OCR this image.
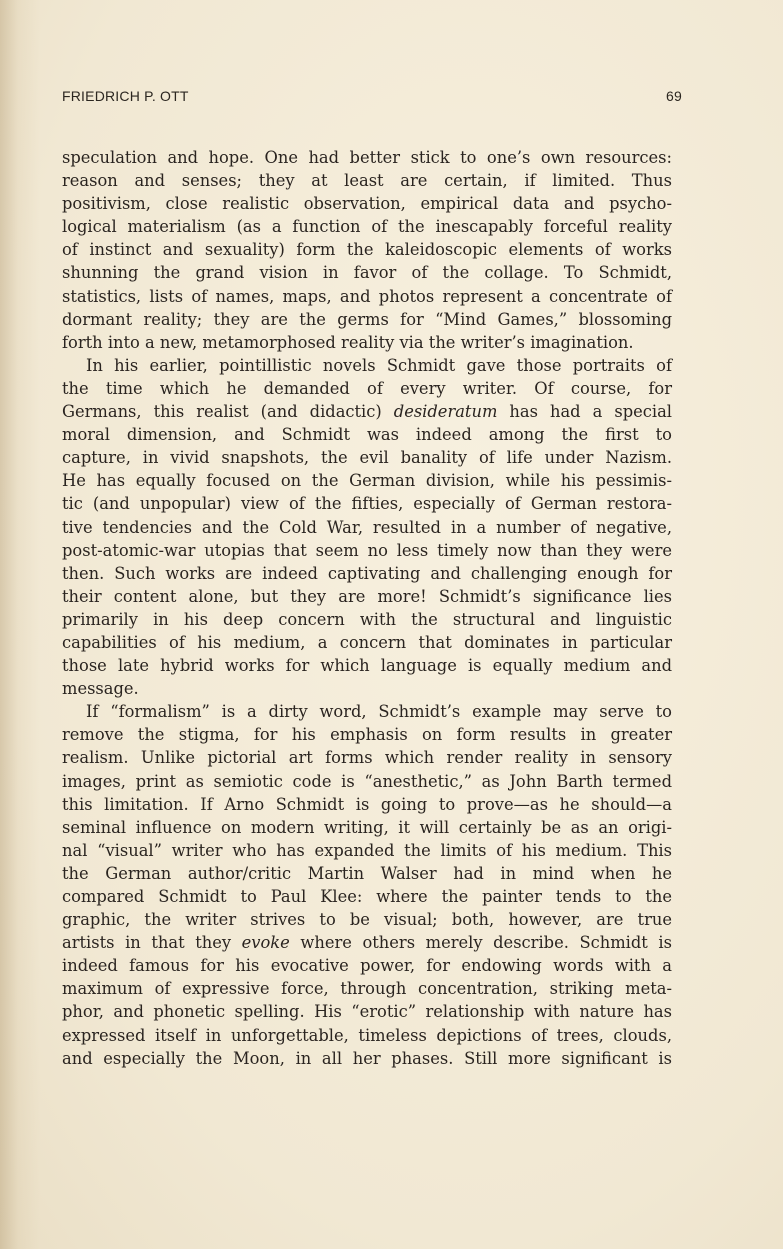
FRIEDRICH P. OTT	69
speculation and hope. One had better stick to one’s own resources:
reason and senses; they at least are certain, if limited. Thus
positivism, close realistic observation, empirical data and psycho-
logical materialism (as a function of the inescapably forceful reality
of instinct and sexuality) form the kaleidoscopic elements of works
shunning the grand vision in favor of the collage. To Schmidt,
statistics, lists of names, maps, and photos represent a concentrate of
dormant reality; they are the germs for “Mind Games,” blossoming
forth into a new, metamorphosed reality via the writer’s imagination.
In his earlier, pointillistic novels Schmidt gave those portraits of
the time which he demanded of every writer. Of course, for
Germans, this realist (and didactic) desideratum has had a special
moral dimension, and Schmidt was indeed among the first to
capture, in vivid snapshots, the evil banality of life under Nazism.
He has equally focused on the German division, while his pessimis-
tic (and unpopular) view of the fifties, especially of German restora-
tive tendencies and the Cold War, resulted in a number of negative,
post-atomic-war utopias that seem no less timely now than they were
then. Such works are indeed captivating and challenging enough for
their content alone, but they are more! Schmidt’s significance lies
primarily in his deep concern with the structural and linguistic
capabilities of his medium, a concern that dominates in particular
those late hybrid works for which language is equally medium and
message.
If “formalism” is a dirty word, Schmidt’s example may serve to
remove the stigma, for his emphasis on form results in greater
realism. Unlike pictorial art forms which render reality in sensory
images, print as semiotic code is “anesthetic,” as John Barth termed
this limitation. If Arno Schmidt is going to prove—as he should—a
seminal influence on modern writing, it will certainly be as an origi-
nal “visual” writer who has expanded the limits of his medium. This
the German author/critic Martin Walser had in mind when he
compared Schmidt to Paul Klee: where the painter tends to the
graphic, the writer strives to be visual; both, however, are true
artists in that they evoke where others merely describe. Schmidt is
indeed famous for his evocative power, for endowing words with a
maximum of expressive force, through concentration, striking meta-
phor, and phonetic spelling. His “erotic” relationship with nature has
expressed itself in unforgettable, timeless depictions of trees, clouds,
and especially the Moon, in all her phases. Still more significant is
